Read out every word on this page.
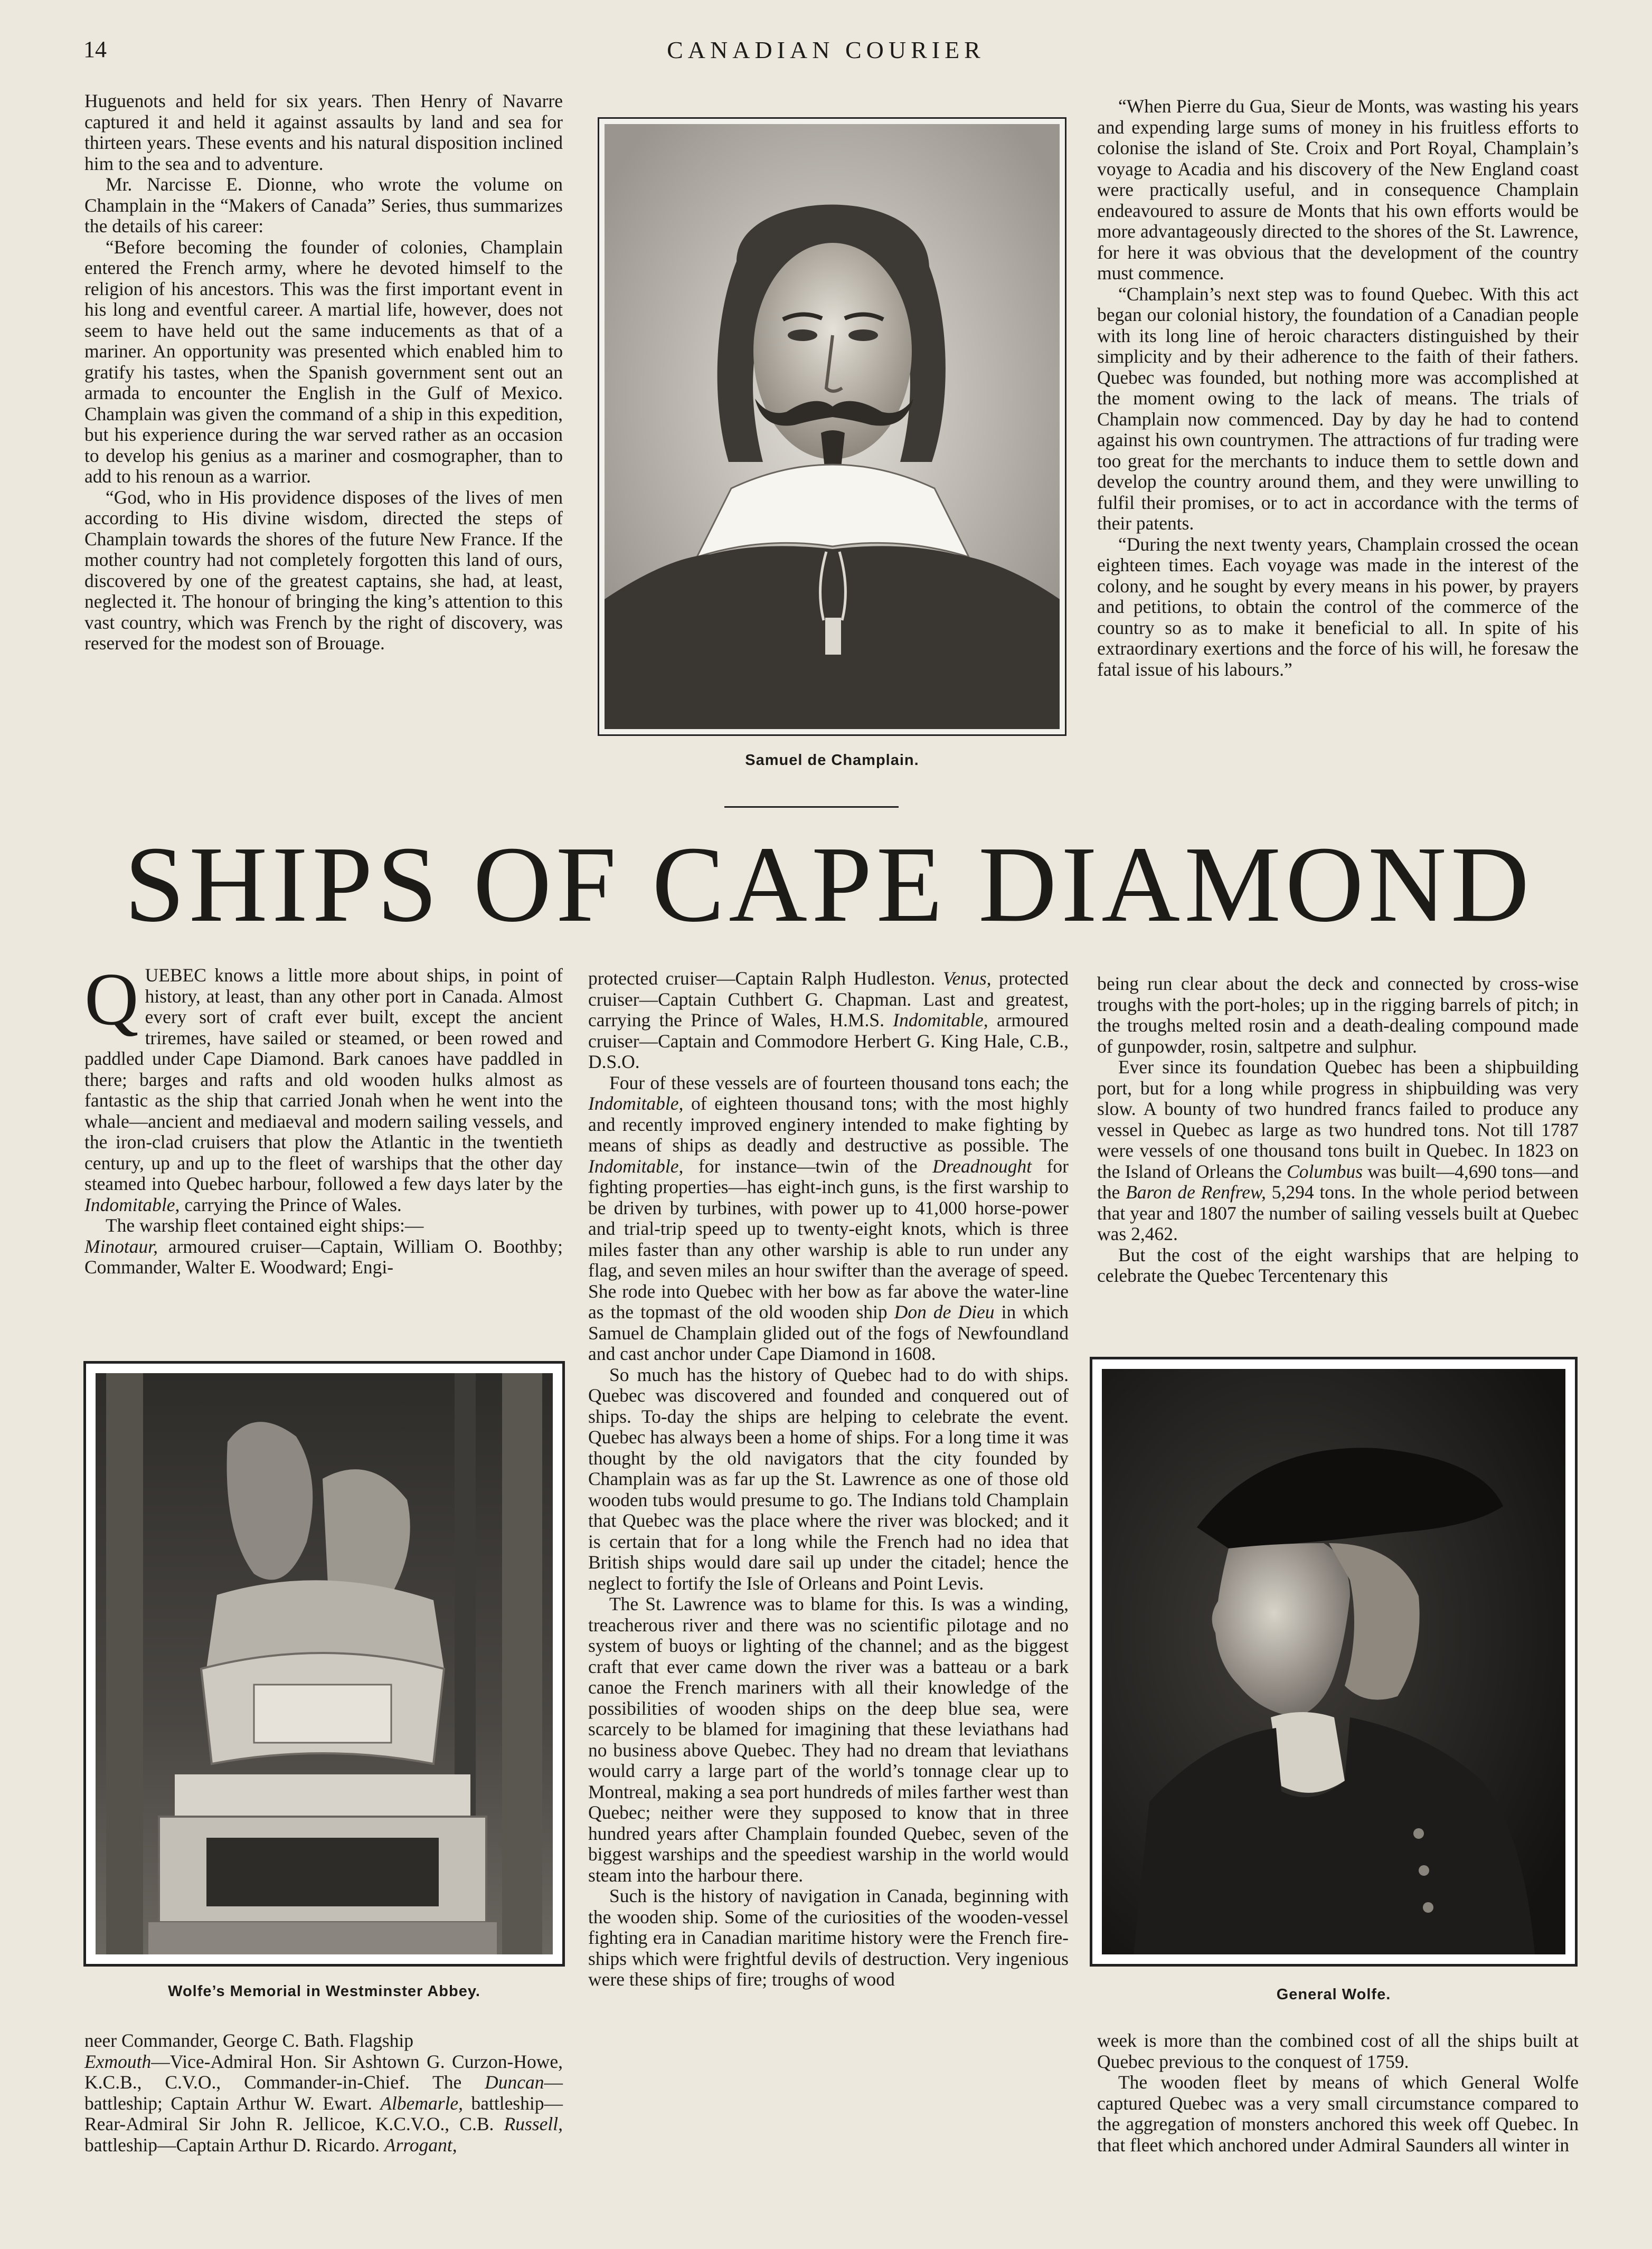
14	CANADIAN COURIER

Huguenots and held for six years. Then Henry of Navarre captured it and held it against assaults by land and sea for thirteen years. These events and his natural disposition inclined him to the sea and to adventure.

Mr. Narcisse E. Dionne, who wrote the volume on Champlain in the “Makers of Canada” Series, thus summarizes the details of his career:

“Before becoming the founder of colonies, Champlain entered the French army, where he devoted himself to the religion of his ancestors. This was the first important event in his long and eventful career. A martial life, however, does not seem to have held out the same inducements as that of a mariner. An opportunity was presented which enabled him to gratify his tastes, when the Spanish government sent out an armada to encounter the English in the Gulf of Mexico. Champlain was given the command of a ship in this expedition, but his experience during the war served rather as an occasion to develop his genius as a mariner and cosmographer, than to add to his renoun as a warrior.

“God, who in His providence disposes of the lives of men according to His divine wisdom, directed the steps of Champlain towards the shores of the future New France. If the mother country had not completely forgotten this land of ours, discovered by one of the greatest captains, she had, at least, neglected it. The honour of bringing the king’s attention to this vast country, which was French by the right of discovery, was reserved for the modest son of Brouage.

Samuel de Champlain.

“When Pierre du Gua, Sieur de Monts, was wasting his years and expending large sums of money in his fruitless efforts to colonise the island of Ste. Croix and Port Royal, Champlain’s voyage to Acadia and his discovery of the New England coast were practically useful, and in consequence Champlain endeavoured to assure de Monts that his own efforts would be more advantageously directed to the shores of the St. Lawrence, for here it was obvious that the development of the country must commence.

“Champlain’s next step was to found Quebec. With this act began our colonial history, the foundation of a Canadian people with its long line of heroic characters distinguished by their simplicity and by their adherence to the faith of their fathers. Quebec was founded, but nothing more was accomplished at the moment owing to the lack of means. The trials of Champlain now commenced. Day by day he had to contend against his own countrymen. The attractions of fur trading were too great for the merchants to induce them to settle down and develop the country around them, and they were unwilling to fulfil their promises, or to act in accordance with the terms of their patents.

“During the next twenty years, Champlain crossed the ocean eighteen times. Each voyage was made in the interest of the colony, and he sought by every means in his power, by prayers and petitions, to obtain the control of the commerce of the country so as to make it beneficial to all. In spite of his extraordinary exertions and the force of his will, he foresaw the fatal issue of his labours.”

SHIPS OF CAPE DIAMOND

QUEBEC knows a little more about ships, in point of history, at least, than any other port in Canada. Almost every sort of craft ever built, except the ancient triremes, have sailed or steamed, or been rowed and paddled under Cape Diamond. Bark canoes have paddled in there; barges and rafts and old wooden hulks almost as fantastic as the ship that carried Jonah when he went into the whale—ancient and mediaeval and modern sailing vessels, and the iron-clad cruisers that plow the Atlantic in the twentieth century, up and up to the fleet of warships that the other day steamed into Quebec harbour, followed a few days later by the Indomitable, carrying the Prince of Wales.

The warship fleet contained eight ships:—
Minotaur, armoured cruiser—Captain, William O. Boothby; Commander, Walter E. Woodward; Engi-

Wolfe’s Memorial in Westminster Abbey.

neer Commander, George C. Bath. Flagship
Exmouth—Vice-Admiral Hon. Sir Ashtown G. Curzon-Howe, K.C.B., C.V.O., Commander-in-Chief. The Duncan—battleship; Captain Arthur W. Ewart. Albemarle, battleship—Rear-Admiral Sir John R. Jellicoe, K.C.V.O., C.B. Russell, battleship—Captain Arthur D. Ricardo. Arrogant,

protected cruiser—Captain Ralph Hudleston. Venus, protected cruiser—Captain Cuthbert G. Chapman. Last and greatest, carrying the Prince of Wales, H.M.S. Indomitable, armoured cruiser—Captain and Commodore Herbert G. King Hale, C.B., D.S.O.

Four of these vessels are of fourteen thousand tons each; the Indomitable, of eighteen thousand tons; with the most highly and recently improved enginery intended to make fighting by means of ships as deadly and destructive as possible. The Indomitable, for instance—twin of the Dreadnought for fighting properties—has eight-inch guns, is the first warship to be driven by turbines, with power up to 41,000 horse-power and trial-trip speed up to twenty-eight knots, which is three miles faster than any other warship is able to run under any flag, and seven miles an hour swifter than the average of speed. She rode into Quebec with her bow as far above the water-line as the topmast of the old wooden ship Don de Dieu in which Samuel de Champlain glided out of the fogs of Newfoundland and cast anchor under Cape Diamond in 1608.

So much has the history of Quebec had to do with ships. Quebec was discovered and founded and conquered out of ships. To-day the ships are helping to celebrate the event. Quebec has always been a home of ships. For a long time it was thought by the old navigators that the city founded by Champlain was as far up the St. Lawrence as one of those old wooden tubs would presume to go. The Indians told Champlain that Quebec was the place where the river was blocked; and it is certain that for a long while the French had no idea that British ships would dare sail up under the citadel; hence the neglect to fortify the Isle of Orleans and Point Levis.

The St. Lawrence was to blame for this. Is was a winding, treacherous river and there was no scientific pilotage and no system of buoys or lighting of the channel; and as the biggest craft that ever came down the river was a batteau or a bark canoe the French mariners with all their knowledge of the possibilities of wooden ships on the deep blue sea, were scarcely to be blamed for imagining that these leviathans had no business above Quebec. They had no dream that leviathans would carry a large part of the world’s tonnage clear up to Montreal, making a sea port hundreds of miles farther west than Quebec; neither were they supposed to know that in three hundred years after Champlain founded Quebec, seven of the biggest warships and the speediest warship in the world would steam into the harbour there.

Such is the history of navigation in Canada, beginning with the wooden ship. Some of the curiosities of the wooden-vessel fighting era in Canadian maritime history were the French fire-ships which were frightful devils of destruction. Very ingenious were these ships of fire; troughs of wood

being run clear about the deck and connected by cross-wise troughs with the port-holes; up in the rigging barrels of pitch; in the troughs melted rosin and a death-dealing compound made of gunpowder, rosin, saltpetre and sulphur.

Ever since its foundation Quebec has been a shipbuilding port, but for a long while progress in shipbuilding was very slow. A bounty of two hundred francs failed to produce any vessel in Quebec as large as two hundred tons. Not till 1787 were vessels of one thousand tons built in Quebec. In 1823 on the Island of Orleans the Columbus was built—4,690 tons—and the Baron de Renfrew, 5,294 tons. In the whole period between that year and 1807 the number of sailing vessels built at Quebec was 2,462.

But the cost of the eight warships that are helping to celebrate the Quebec Tercentenary this

General Wolfe.

week is more than the combined cost of all the ships built at Quebec previous to the conquest of 1759.

The wooden fleet by means of which General Wolfe captured Quebec was a very small circumstance compared to the aggregation of monsters anchored this week off Quebec. In that fleet which anchored under Admiral Saunders all winter in
